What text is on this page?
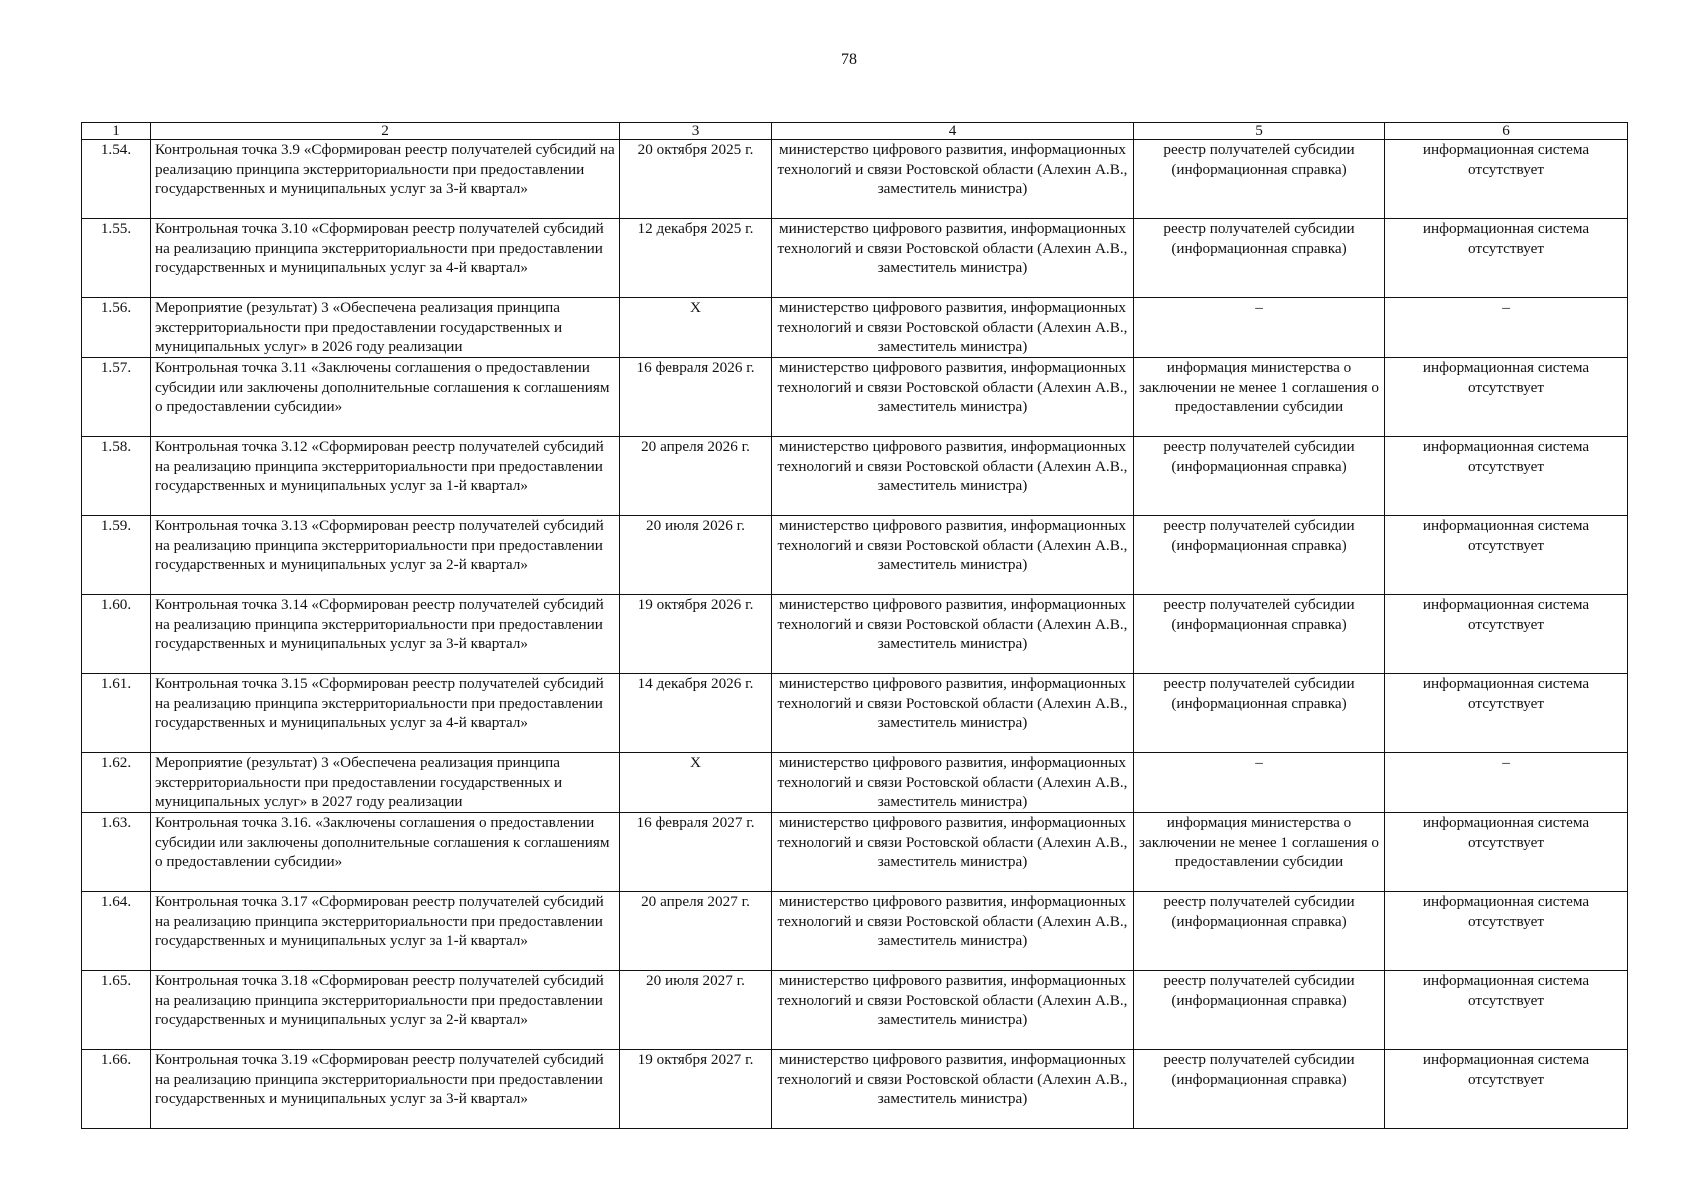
78
1	2	3	4	5	6
1.54.	Контрольная точка 3.9 «Сформирован реестр получателей субсидий на реализацию принципа экстерриториальности при предоставлении государственных и муниципальных услуг за 3-й квартал»	20 октября 2025 г.	министерство цифрового развития, информационных технологий и связи Ростовской области (Алехин А.В., заместитель министра)	реестр получателей субсидии (информационная справка)	информационная система отсутствует
1.55.	Контрольная точка 3.10 «Сформирован реестр получателей субсидий на реализацию принципа экстерриториальности при предоставлении государственных и муниципальных услуг за 4-й квартал»	12 декабря 2025 г.	министерство цифрового развития, информационных технологий и связи Ростовской области (Алехин А.В., заместитель министра)	реестр получателей субсидии (информационная справка)	информационная система отсутствует
1.56.	Мероприятие (результат) 3 «Обеспечена реализация принципа экстерриториальности при предоставлении государственных и муниципальных услуг» в 2026 году реализации	Х	министерство цифрового развития, информационных технологий и связи Ростовской области (Алехин А.В., заместитель министра)	–	–
1.57.	Контрольная точка 3.11 «Заключены соглашения о предоставлении субсидии или заключены дополнительные соглашения к соглашениям о предоставлении субсидии»	16 февраля 2026 г.	министерство цифрового развития, информационных технологий и связи Ростовской области (Алехин А.В., заместитель министра)	информация министерства о заключении не менее 1 соглашения о предоставлении субсидии	информационная система отсутствует
1.58.	Контрольная точка 3.12 «Сформирован реестр получателей субсидий на реализацию принципа экстерриториальности при предоставлении государственных и муниципальных услуг за 1-й квартал»	20 апреля 2026 г.	министерство цифрового развития, информационных технологий и связи Ростовской области (Алехин А.В., заместитель министра)	реестр получателей субсидии (информационная справка)	информационная система отсутствует
1.59.	Контрольная точка 3.13 «Сформирован реестр получателей субсидий на реализацию принципа экстерриториальности при предоставлении государственных и муниципальных услуг за 2-й квартал»	20 июля 2026 г.	министерство цифрового развития, информационных технологий и связи Ростовской области (Алехин А.В., заместитель министра)	реестр получателей субсидии (информационная справка)	информационная система отсутствует
1.60.	Контрольная точка 3.14 «Сформирован реестр получателей субсидий на реализацию принципа экстерриториальности при предоставлении государственных и муниципальных услуг за 3-й квартал»	19 октября 2026 г.	министерство цифрового развития, информационных технологий и связи Ростовской области (Алехин А.В., заместитель министра)	реестр получателей субсидии (информационная справка)	информационная система отсутствует
1.61.	Контрольная точка 3.15 «Сформирован реестр получателей субсидий на реализацию принципа экстерриториальности при предоставлении государственных и муниципальных услуг за 4-й квартал»	14 декабря 2026 г.	министерство цифрового развития, информационных технологий и связи Ростовской области (Алехин А.В., заместитель министра)	реестр получателей субсидии (информационная справка)	информационная система отсутствует
1.62.	Мероприятие (результат) 3 «Обеспечена реализация принципа экстерриториальности при предоставлении государственных и муниципальных услуг» в 2027 году реализации	Х	министерство цифрового развития, информационных технологий и связи Ростовской области (Алехин А.В., заместитель министра)	–	–
1.63.	Контрольная точка 3.16. «Заключены соглашения о предоставлении субсидии или заключены дополнительные соглашения к соглашениям о предоставлении субсидии»	16 февраля 2027 г.	министерство цифрового развития, информационных технологий и связи Ростовской области (Алехин А.В., заместитель министра)	информация министерства о заключении не менее 1 соглашения о предоставлении субсидии	информационная система отсутствует
1.64.	Контрольная точка 3.17 «Сформирован реестр получателей субсидий на реализацию принципа экстерриториальности при предоставлении государственных и муниципальных услуг за 1-й квартал»	20 апреля 2027 г.	министерство цифрового развития, информационных технологий и связи Ростовской области (Алехин А.В., заместитель министра)	реестр получателей субсидии (информационная справка)	информационная система отсутствует
1.65.	Контрольная точка 3.18 «Сформирован реестр получателей субсидий на реализацию принципа экстерриториальности при предоставлении государственных и муниципальных услуг за 2-й квартал»	20 июля 2027 г.	министерство цифрового развития, информационных технологий и связи Ростовской области (Алехин А.В., заместитель министра)	реестр получателей субсидии (информационная справка)	информационная система отсутствует
1.66.	Контрольная точка 3.19 «Сформирован реестр получателей субсидий на реализацию принципа экстерриториальности при предоставлении государственных и муниципальных услуг за 3-й квартал»	19 октября 2027 г.	министерство цифрового развития, информационных технологий и связи Ростовской области (Алехин А.В., заместитель министра)	реестр получателей субсидии (информационная справка)	информационная система отсутствует
